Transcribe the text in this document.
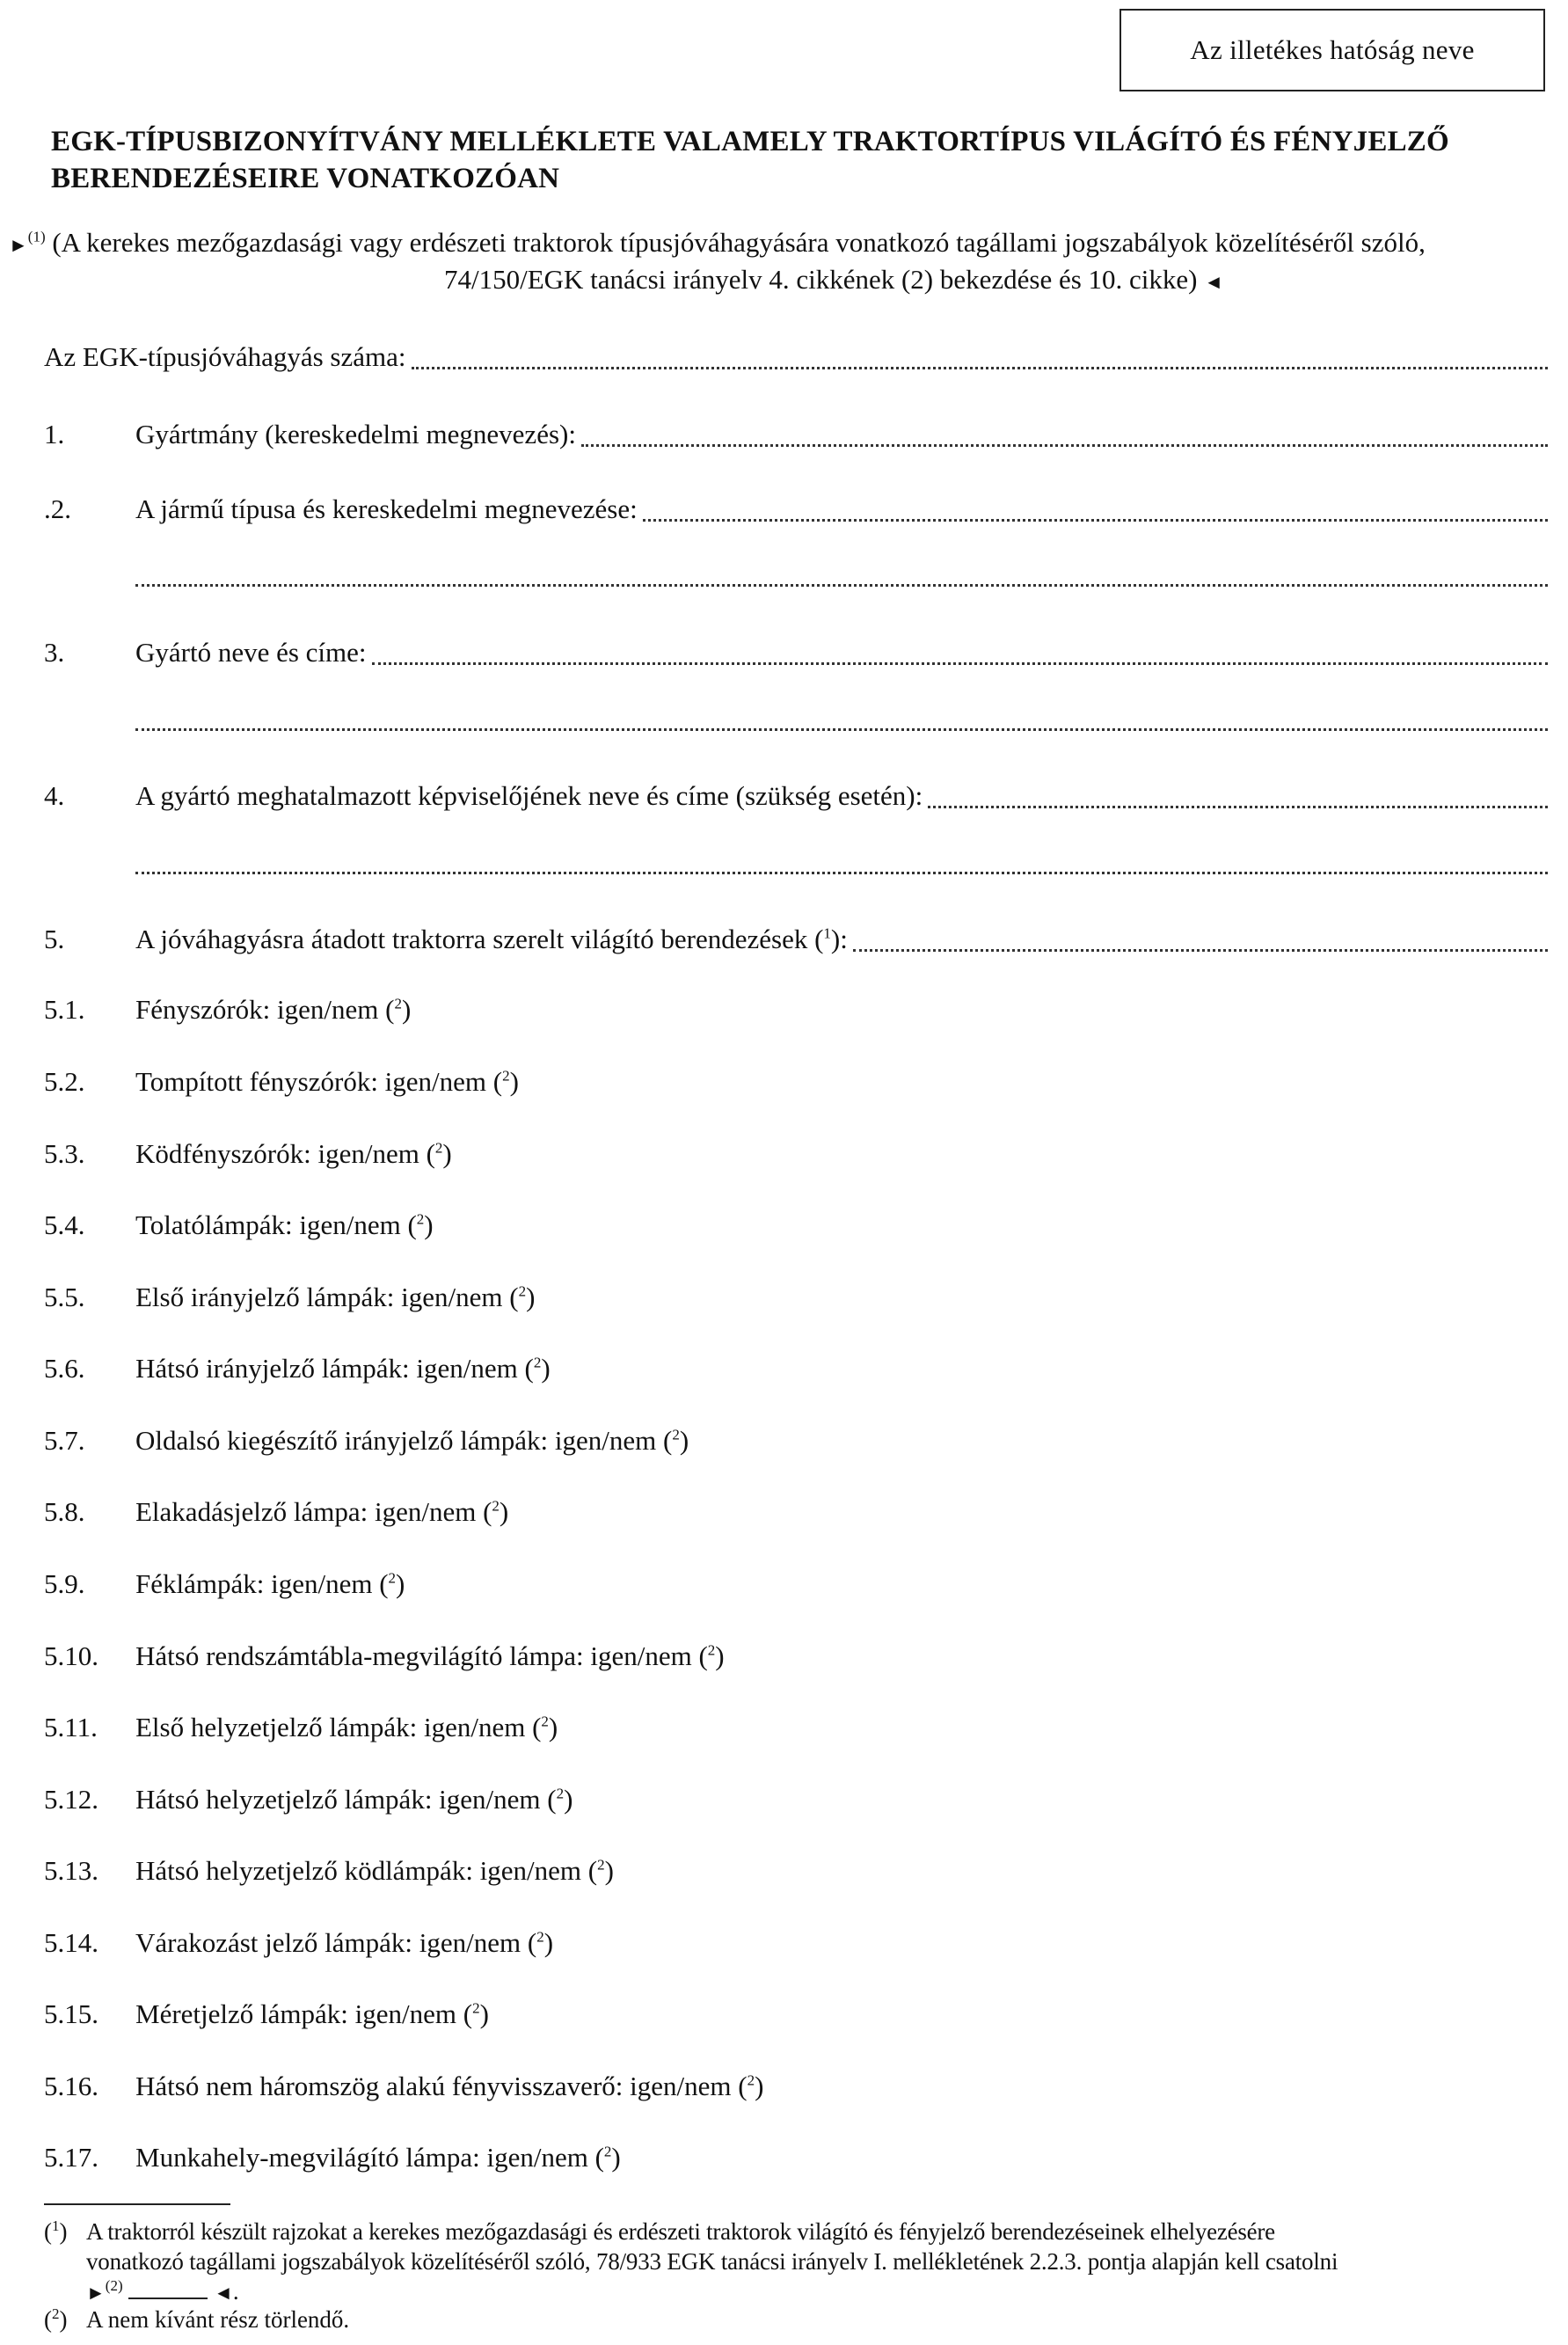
Az illetékes hatóság neve
EGK-TÍPUSBIZONYÍTVÁNY MELLÉKLETE VALAMELY TRAKTORTÍPUS VILÁGÍTÓ ÉS FÉNYJELZŐ BERENDEZÉSEIRE VONATKOZÓAN
►$^{(1)}$ (A kerekes mezőgazdasági vagy erdészeti traktorok típusjóváhagyására vonatkozó tagállami jogszabályok közelítéséről szóló,
74/150/EGK tanácsi irányelv 4. cikkének (2) bekezdése és 10. cikke) ◄
Az EGK-típusjóváhagyás száma:
1.	Gyártmány (kereskedelmi megnevezés):
.2. A jármű típusa és kereskedelmi megnevezése:
3.	Gyártó neve és címe:
4.	A gyártó meghatalmazott képviselőjének neve és címe (szükség esetén):
5.	A jóváhagyásra átadott traktorra szerelt világító berendezések ($^1$):
5.1. Fényszórók: igen/nem ($^2$)
5.2. Tompított fényszórók: igen/nem ($^2$)
5.3. Ködfényszórók: igen/nem ($^2$)
5.4. Tolatólámpák: igen/nem ($^2$)
5.5. Első irányjelző lámpák: igen/nem ($^2$)
5.6. Hátsó irányjelző lámpák: igen/nem ($^2$)
5.7. Oldalsó kiegészítő irányjelző lámpák: igen/nem ($^2$)
5.8. Elakadásjelző lámpa: igen/nem ($^2$)
5.9. Féklámpák: igen/nem ($^2$)
5.10. Hátsó rendszámtábla-megvilágító lámpa: igen/nem ($^2$)
5.11. Első helyzetjelző lámpák: igen/nem ($^2$)
5.12. Hátsó helyzetjelző lámpák: igen/nem ($^2$)
5.13. Hátsó helyzetjelző ködlámpák: igen/nem ($^2$)
5.14. Várakozást jelző lámpák: igen/nem ($^2$)
5.15. Méretjelző lámpák: igen/nem ($^2$)
5.16. Hátsó nem háromszög alakú fényvisszaverő: igen/nem ($^2$)
5.17. Munkahely-megvilágító lámpa: igen/nem ($^2$)
($^1$) A traktorról készült rajzokat a kerekes mezőgazdasági és erdészeti traktorok világító és fényjelző berendezéseinek elhelyezésére
vonatkozó tagállami jogszabályok közelítéséről szóló, 78/933 EGK tanácsi irányelv I. mellékletének 2.2.3. pontja alapján kell csatolni
►$^{(2)}$	◄.
($^2$) A nem kívánt rész törlendő.
